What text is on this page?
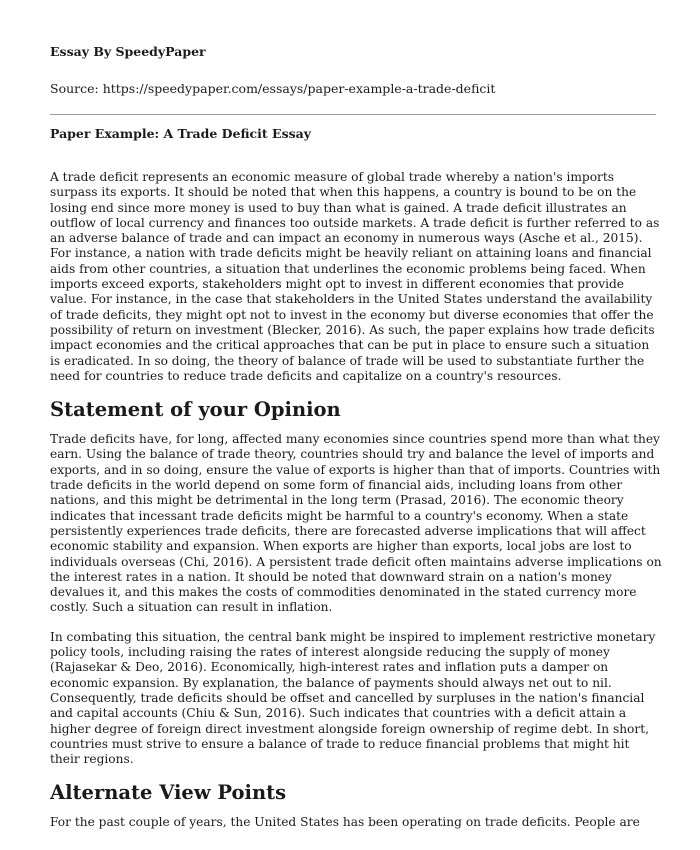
Essay By SpeedyPaper
Source: https://speedypaper.com/essays/paper-example-a-trade-deficit
Paper Example: A Trade Deficit Essay

A trade deficit represents an economic measure of global trade whereby a nation's imports surpass its exports. It should be noted that when this happens, a country is bound to be on the losing end since more money is used to buy than what is gained. A trade deficit illustrates an outflow of local currency and finances too outside markets. A trade deficit is further referred to as an adverse balance of trade and can impact an economy in numerous ways (Asche et al., 2015). For instance, a nation with trade deficits might be heavily reliant on attaining loans and financial aids from other countries, a situation that underlines the economic problems being faced. When imports exceed exports, stakeholders might opt to invest in different economies that provide value. For instance, in the case that stakeholders in the United States understand the availability of trade deficits, they might opt not to invest in the economy but diverse economies that offer the possibility of return on investment (Blecker, 2016). As such, the paper explains how trade deficits impact economies and the critical approaches that can be put in place to ensure such a situation is eradicated. In so doing, the theory of balance of trade will be used to substantiate further the need for countries to reduce trade deficits and capitalize on a country's resources.

Statement of your Opinion

Trade deficits have, for long, affected many economies since countries spend more than what they earn. Using the balance of trade theory, countries should try and balance the level of imports and exports, and in so doing, ensure the value of exports is higher than that of imports. Countries with trade deficits in the world depend on some form of financial aids, including loans from other nations, and this might be detrimental in the long term (Prasad, 2016). The economic theory indicates that incessant trade deficits might be harmful to a country's economy. When a state persistently experiences trade deficits, there are forecasted adverse implications that will affect economic stability and expansion. When exports are higher than exports, local jobs are lost to individuals overseas (Chi, 2016). A persistent trade deficit often maintains adverse implications on the interest rates in a nation. It should be noted that downward strain on a nation's money devalues it, and this makes the costs of commodities denominated in the stated currency more costly. Such a situation can result in inflation.

In combating this situation, the central bank might be inspired to implement restrictive monetary policy tools, including raising the rates of interest alongside reducing the supply of money (Rajasekar & Deo, 2016). Economically, high-interest rates and inflation puts a damper on economic expansion. By explanation, the balance of payments should always net out to nil. Consequently, trade deficits should be offset and cancelled by surpluses in the nation's financial and capital accounts (Chiu & Sun, 2016). Such indicates that countries with a deficit attain a higher degree of foreign direct investment alongside foreign ownership of regime debt. In short, countries must strive to ensure a balance of trade to reduce financial problems that might hit their regions.

Alternate View Points

For the past couple of years, the United States has been operating on trade deficits. People are
